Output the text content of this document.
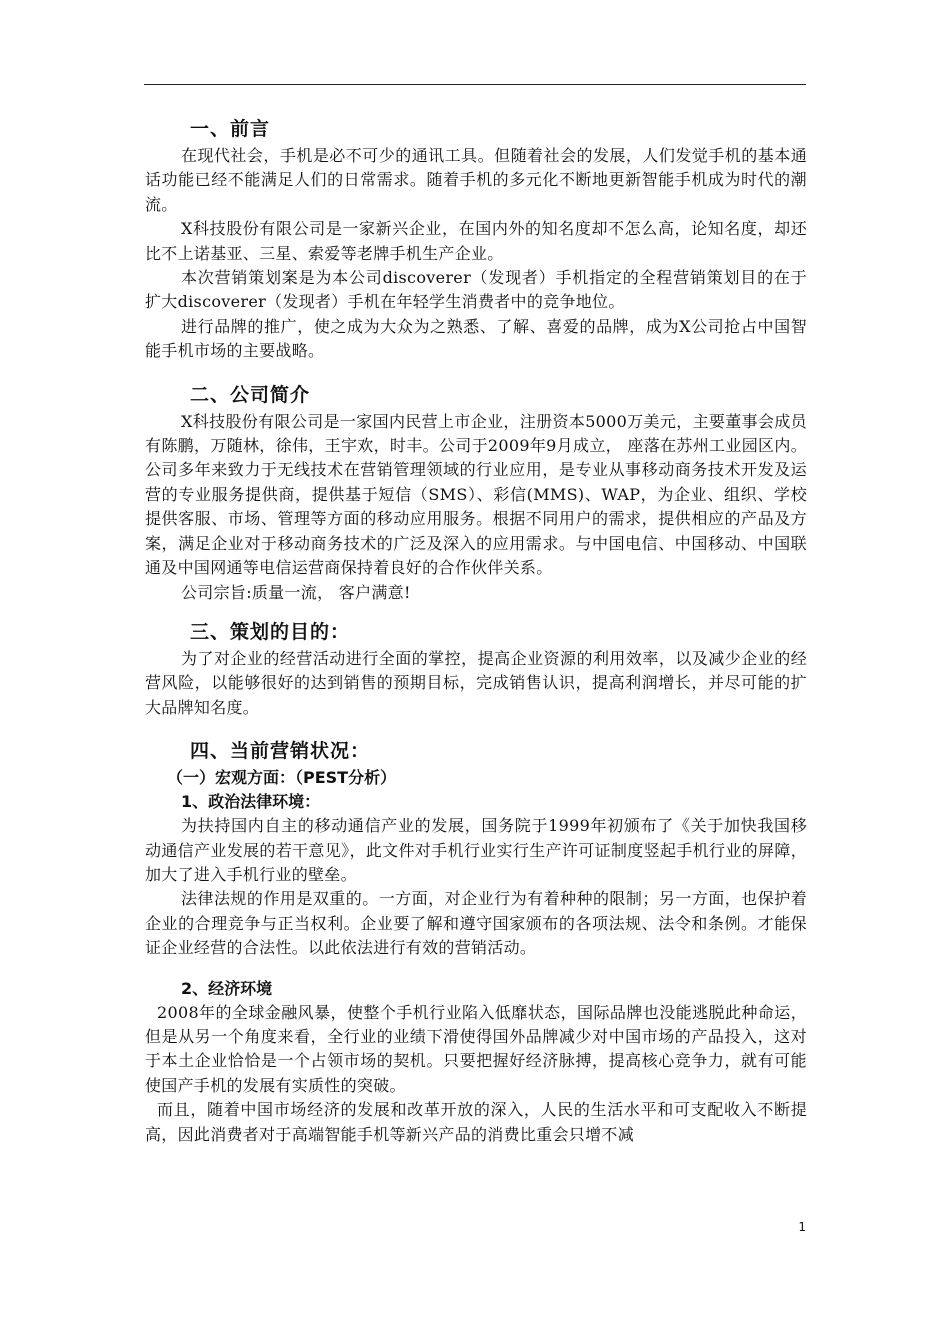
一、前言

在现代社会，手机是必不可少的通讯工具。但随着社会的发展，人们发觉手机的基本通话功能已经不能满足人们的日常需求。随着手机的多元化不断地更新智能手机成为时代的潮流。

X科技股份有限公司是一家新兴企业，在国内外的知名度却不怎么高，论知名度，却还比不上诺基亚、三星、索爱等老牌手机生产企业。

本次营销策划案是为本公司discoverer（发现者）手机指定的全程营销策划目的在于扩大discoverer（发现者）手机在年轻学生消费者中的竞争地位。

进行品牌的推广，使之成为大众为之熟悉、了解、喜爱的品牌，成为X公司抢占中国智能手机市场的主要战略。

二、公司简介

X科技股份有限公司是一家国内民营上市企业，注册资本5000万美元，主要董事会成员有陈鹏，万随林，徐伟，王宇欢，时丰。公司于2009年9月成立， 座落在苏州工业园区内。公司多年来致力于无线技术在营销管理领域的行业应用，是专业从事移动商务技术开发及运营的专业服务提供商，提供基于短信（SMS）、彩信(MMS)、WAP，为企业、组织、学校提供客服、市场、管理等方面的移动应用服务。根据不同用户的需求，提供相应的产品及方案，满足企业对于移动商务技术的广泛及深入的应用需求。与中国电信、中国移动、中国联通及中国网通等电信运营商保持着良好的合作伙伴关系。

公司宗旨:质量一流， 客户满意!

三、策划的目的：

为了对企业的经营活动进行全面的掌控，提高企业资源的利用效率，以及减少企业的经营风险，以能够很好的达到销售的预期目标，完成销售认识，提高利润增长，并尽可能的扩大品牌知名度。

四、当前营销状况：
（一）宏观方面：（PEST分析）
1、政治法律环境：

为扶持国内自主的移动通信产业的发展，国务院于1999年初颁布了《关于加快我国移动通信产业发展的若干意见》，此文件对手机行业实行生产许可证制度竖起手机行业的屏障，加大了进入手机行业的壁垒。

法律法规的作用是双重的。一方面，对企业行为有着种种的限制；另一方面，也保护着企业的合理竞争与正当权利。企业要了解和遵守国家颁布的各项法规、法令和条例。才能保证企业经营的合法性。以此依法进行有效的营销活动。

2、经济环境

2008年的全球金融风暴，使整个手机行业陷入低靡状态，国际品牌也没能逃脱此种命运，但是从另一个角度来看，全行业的业绩下滑使得国外品牌减少对中国市场的产品投入，这对于本土企业恰恰是一个占领市场的契机。只要把握好经济脉搏，提高核心竞争力，就有可能使国产手机的发展有实质性的突破。

而且，随着中国市场经济的发展和改革开放的深入，人民的生活水平和可支配收入不断提高，因此消费者对于高端智能手机等新兴产品的消费比重会只增不减

1
